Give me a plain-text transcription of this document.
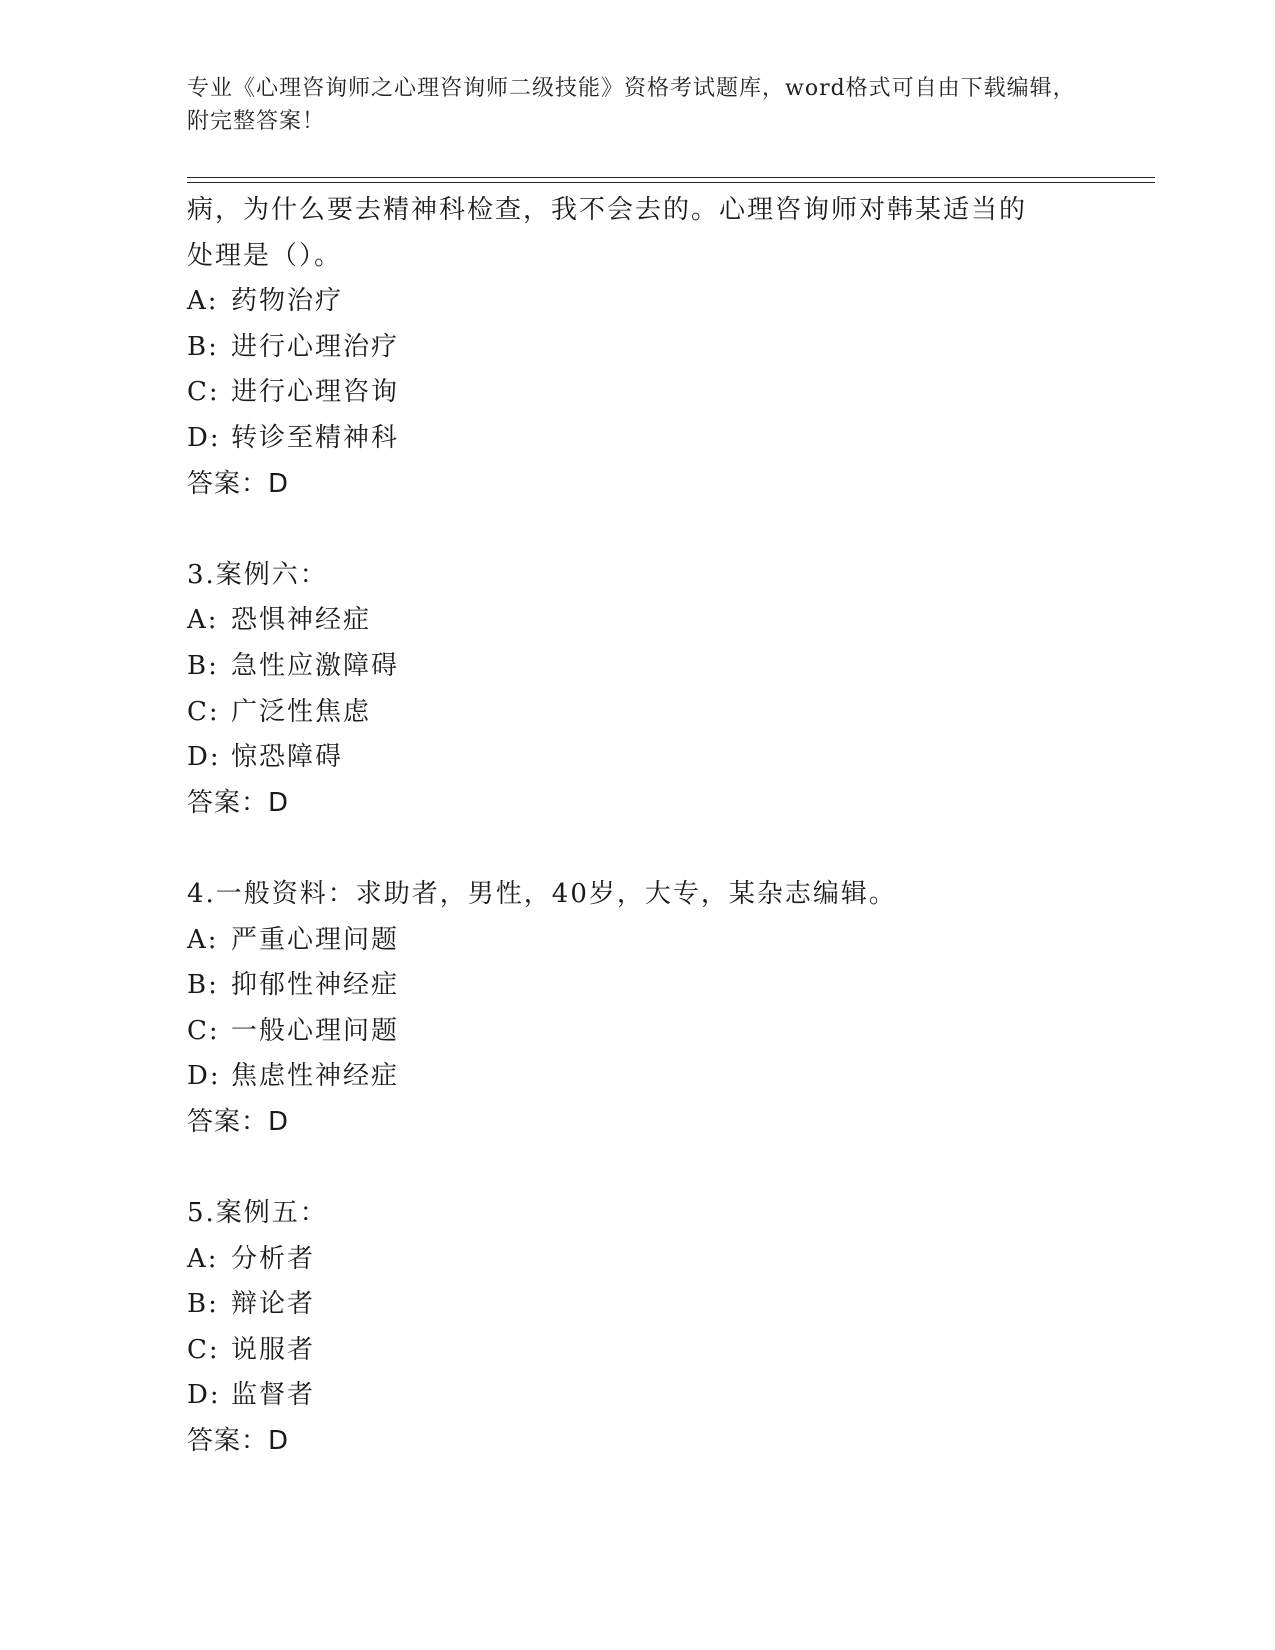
专业《心理咨询师之心理咨询师二级技能》资格考试题库，word格式可自由下载编辑，附完整答案！
病，为什么要去精神科检查，我不会去的。心理咨询师对韩某适当的
处理是（）。
A: 药物治疗
B: 进行心理治疗
C: 进行心理咨询
D: 转诊至精神科
答案：D
3.案例六：
A: 恐惧神经症
B: 急性应激障碍
C: 广泛性焦虑
D: 惊恐障碍
答案：D
4.一般资料：求助者，男性，40岁，大专，某杂志编辑。
A: 严重心理问题
B: 抑郁性神经症
C: 一般心理问题
D: 焦虑性神经症
答案：D
5.案例五：
A: 分析者
B: 辩论者
C: 说服者
D: 监督者
答案：D
